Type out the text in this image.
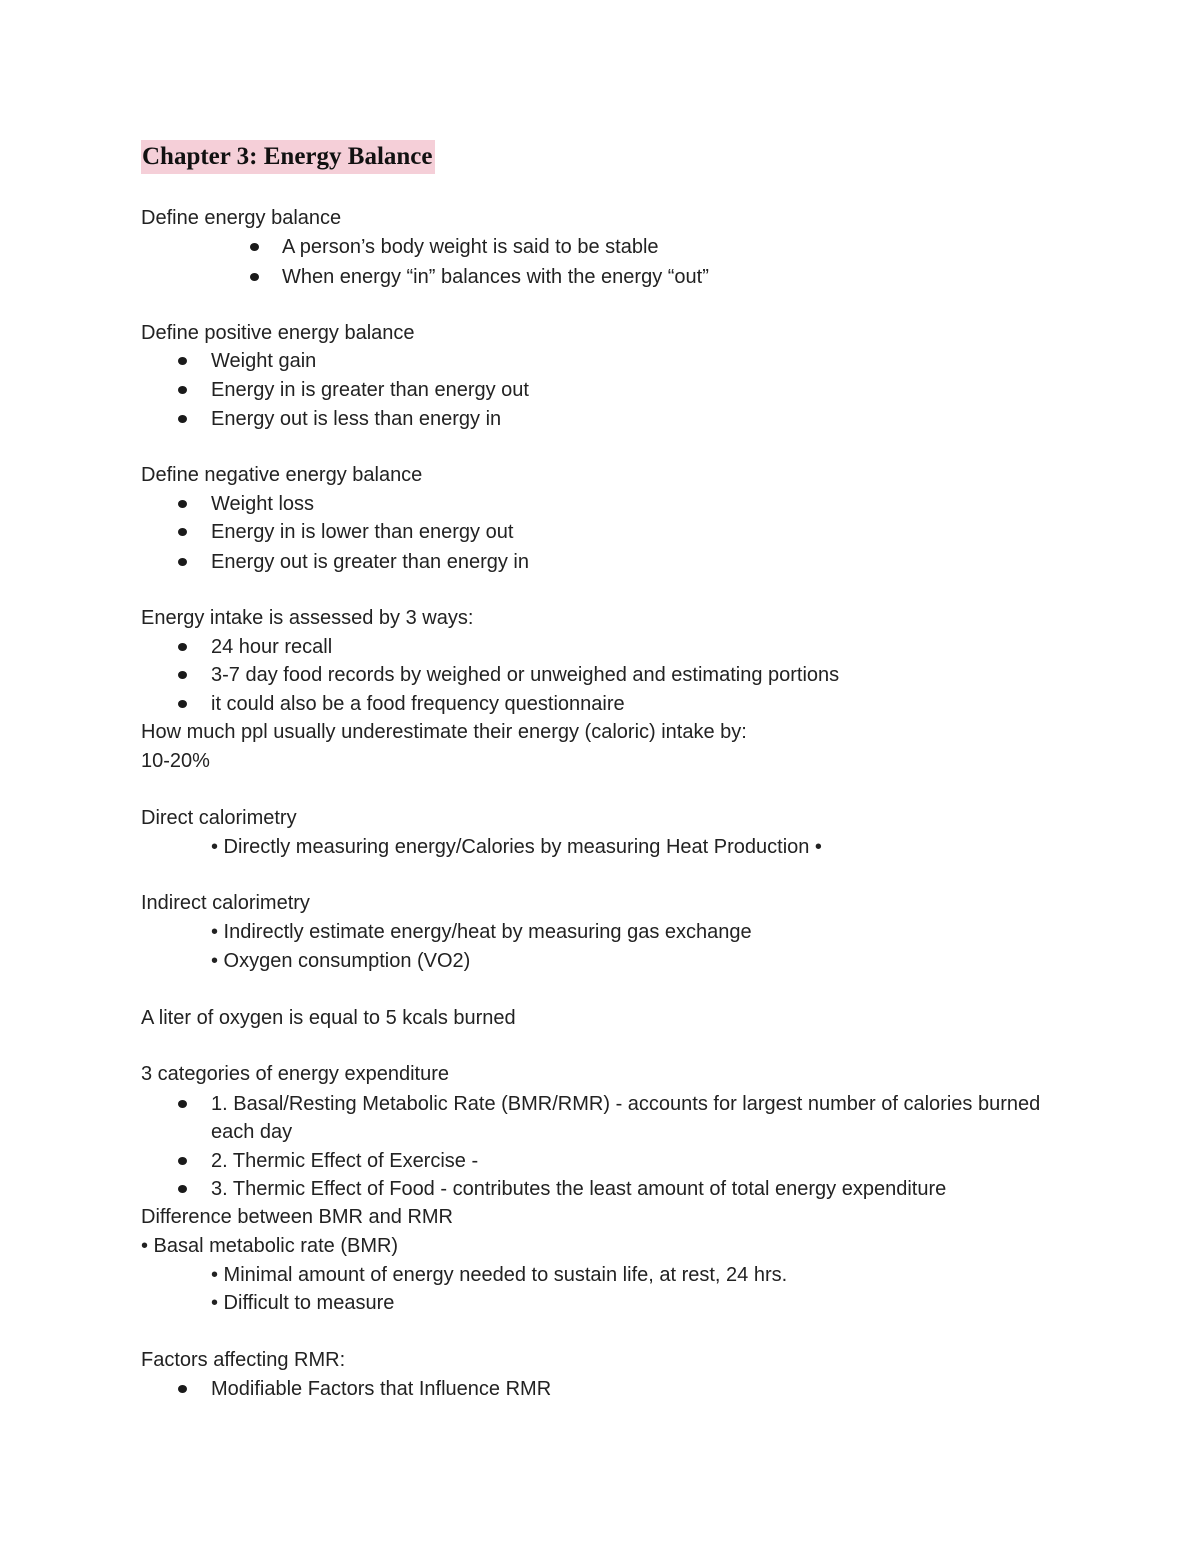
Chapter 3: Energy Balance
Define energy balance
A person’s body weight is said to be stable
When energy “in” balances with the energy “out”
Define positive energy balance
Weight gain
Energy in is greater than energy out
Energy out is less than energy in
Define negative energy balance
Weight loss
Energy in is lower than energy out
Energy out is greater than energy in
Energy intake is assessed by 3 ways:
24 hour recall
3-7 day food records by weighed or unweighed and estimating portions
it could also be a food frequency questionnaire
How much ppl usually underestimate their energy (caloric) intake by:
10-20%
Direct calorimetry
• Directly measuring energy/Calories by measuring Heat Production •
Indirect calorimetry
• Indirectly estimate energy/heat by measuring gas exchange
• Oxygen consumption (VO2)
A liter of oxygen is equal to 5 kcals burned
3 categories of energy expenditure
1. Basal/Resting Metabolic Rate (BMR/RMR) - accounts for largest number of calories burned each day
2. Thermic Effect of Exercise -
3. Thermic Effect of Food - contributes the least amount of total energy expenditure
Difference between BMR and RMR
• Basal metabolic rate (BMR)
• Minimal amount of energy needed to sustain life, at rest, 24 hrs.
• Difficult to measure
Factors affecting RMR:
Modifiable Factors that Influence RMR
